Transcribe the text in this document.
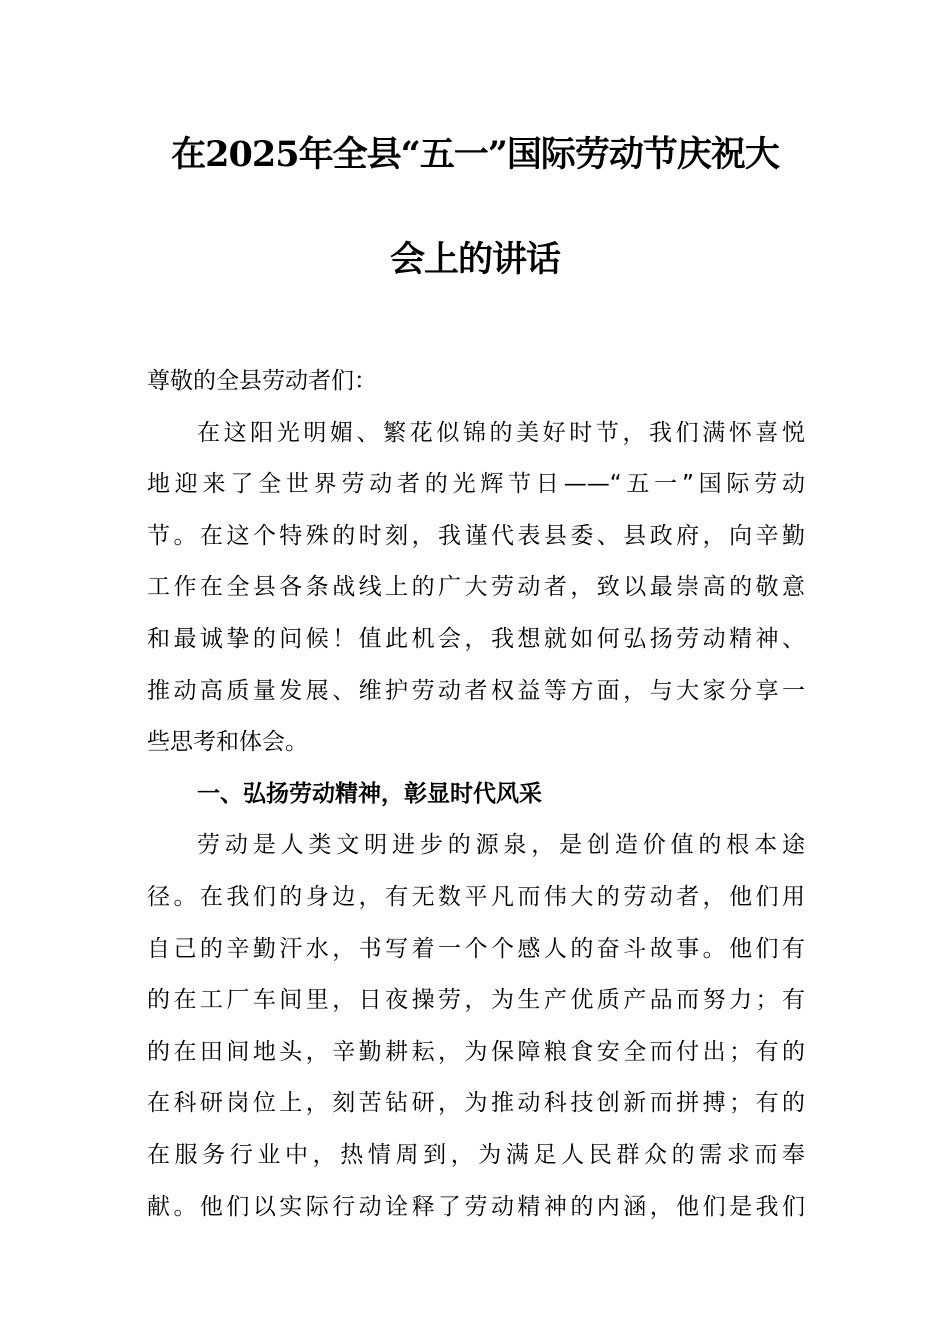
在2025年全县“五一”国际劳动节庆祝大
会上的讲话
尊敬的全县劳动者们：
在这阳光明媚、繁花似锦的美好时节，我们满怀喜悦
地迎来了全世界劳动者的光辉节日——“五一”国际劳动
节。在这个特殊的时刻，我谨代表县委、县政府，向辛勤
工作在全县各条战线上的广大劳动者，致以最崇高的敬意
和最诚挚的问候！值此机会，我想就如何弘扬劳动精神、
推动高质量发展、维护劳动者权益等方面，与大家分享一
些思考和体会。
一、弘扬劳动精神，彰显时代风采
劳动是人类文明进步的源泉，是创造价值的根本途
径。在我们的身边，有无数平凡而伟大的劳动者，他们用
自己的辛勤汗水，书写着一个个感人的奋斗故事。他们有
的在工厂车间里，日夜操劳，为生产优质产品而努力；有
的在田间地头，辛勤耕耘，为保障粮食安全而付出；有的
在科研岗位上，刻苦钻研，为推动科技创新而拼搏；有的
在服务行业中，热情周到，为满足人民群众的需求而奉
献。他们以实际行动诠释了劳动精神的内涵，他们是我们
